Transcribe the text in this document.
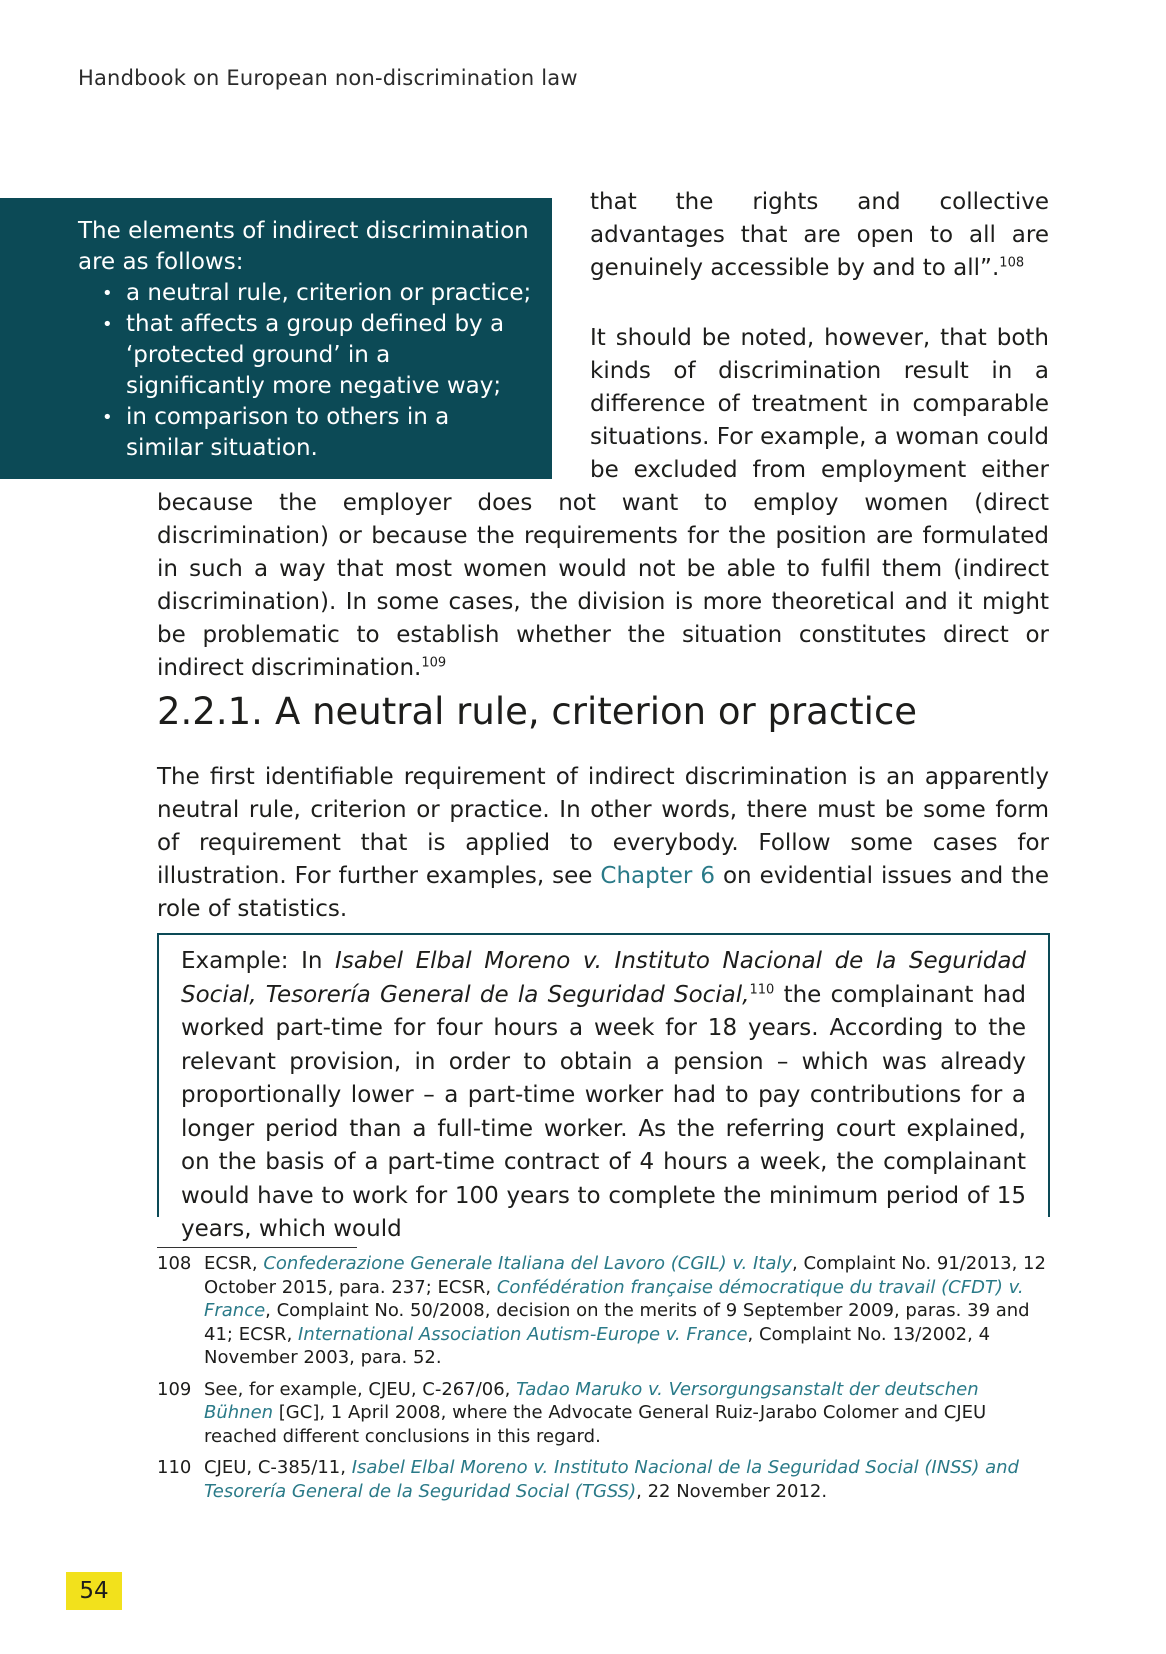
Handbook on European non-discrimination law

The elements of indirect discrimination are as follows:

• a neutral rule, criterion or practice;
• that affects a group defined by a ‘protected ground’ in a significantly more negative way;
• in comparison to others in a similar situation.
that the rights and collective advantages that are open to all are genuinely accessible by and to all”.$^{108}$
It should be noted, however, that both kinds of discrimination result in a difference of treatment in comparable situations. For example, a woman could be excluded from employment either
because the employer does not want to employ women (direct discrimination) or because the requirements for the position are formulated in such a way that most women would not be able to fulfil them (indirect discrimination). In some cases, the division is more theoretical and it might be problematic to establish whether the situation constitutes direct or indirect discrimination.$^{109}$
2.2.1. A neutral rule, criterion or practice
The first identifiable requirement of indirect discrimination is an apparently neutral rule, criterion or practice. In other words, there must be some form of requirement that is applied to everybody. Follow some cases for illustration. For further examples, see Chapter 6 on evidential issues and the role of statistics.
Example: In Isabel Elbal Moreno v. Instituto Nacional de la Seguridad Social, Tesorería General de la Seguridad Social,$^{110}$ the complainant had worked part-time for four hours a week for 18 years. According to the relevant provision, in order to obtain a pension – which was already proportionally lower – a part-time worker had to pay contributions for a longer period than a full-time worker. As the referring court explained, on the basis of a part-time contract of 4 hours a week, the complainant would have to work for 100 years to complete the minimum period of 15 years, which would
108 ECSR, Confederazione Generale Italiana del Lavoro (CGIL) v. Italy, Complaint No. 91/2013, 12 October 2015, para. 237; ECSR, Confédération française démocratique du travail (CFDT) v. France, Complaint No. 50/2008, decision on the merits of 9 September 2009, paras. 39 and 41; ECSR, International Association Autism-Europe v. France, Complaint No. 13/2002, 4 November 2003, para. 52.
109 See, for example, CJEU, C-267/06, Tadao Maruko v. Versorgungsanstalt der deutschen Bühnen [GC], 1 April 2008, where the Advocate General Ruiz-Jarabo Colomer and CJEU reached different conclusions in this regard.
110 CJEU, C-385/11, Isabel Elbal Moreno v. Instituto Nacional de la Seguridad Social (INSS) and Tesorería General de la Seguridad Social (TGSS), 22 November 2012.
54
